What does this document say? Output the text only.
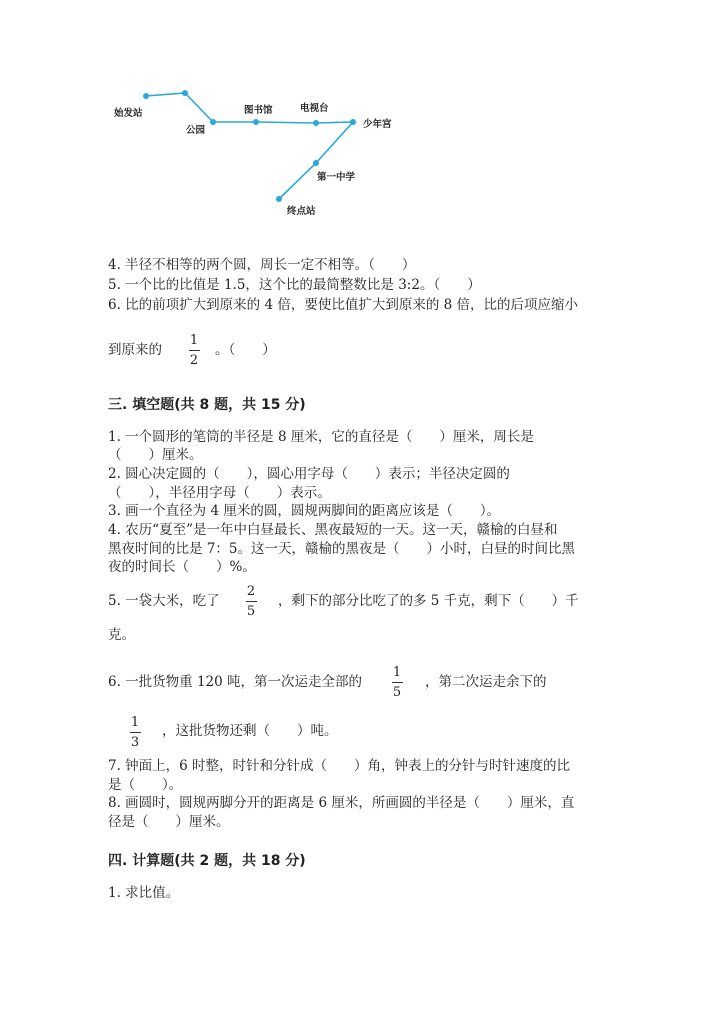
始发站
公园
图书馆	电视台
少年宫
第一中学
终点站
4. 半径不相等的两个圆，周长一定不相等。（　　）
5. 一个比的比值是 1.5，这个比的最简整数比是 3:2。（　　）
6. 比的前项扩大到原来的 4 倍，要使比值扩大到原来的 8 倍，比的后项应缩小
到原来的
1
2
。（　　）
三. 填空题(共 8 题，共 15 分)
1. 一个圆形的笔筒的半径是 8 厘米，它的直径是（　　）厘米，周长是
（　　）厘米。
2. 圆心决定圆的（　　），圆心用字母（　　）表示；半径决定圆的
（　　），半径用字母（　　）表示。
3. 画一个直径为 4 厘米的圆，圆规两脚间的距离应该是（　　）。
4. 农历“夏至”是一年中白昼最长、黑夜最短的一天。这一天，赣榆的白昼和
黑夜时间的比是 7：5。这一天，赣榆的黑夜是（　　）小时，白昼的时间比黑
夜的时间长（　　）%。
5. 一袋大米，吃了
2
5
，剩下的部分比吃了的多 5 千克，剩下（　　）千
克。
6. 一批货物重 120 吨，第一次运走全部的
1
5
，第二次运走余下的
1
3
，这批货物还剩（　　）吨。
7. 钟面上，6 时整，时针和分针成（　　）角，钟表上的分针与时针速度的比
是（　　）。
8. 画圆时，圆规两脚分开的距离是 6 厘米，所画圆的半径是（　　）厘米，直
径是（　　）厘米。
四. 计算题(共 2 题，共 18 分)
1. 求比值。
